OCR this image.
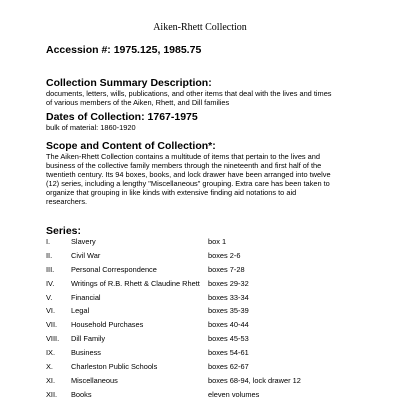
Aiken-Rhett Collection
Accession #: 1975.125, 1985.75
Collection Summary Description:
documents, letters, wills, publications, and other items that deal with the lives and times
of various members of the Aiken, Rhett, and Dill families
Dates of Collection: 1767-1975
bulk of material: 1860-1920
Scope and Content of Collection*:
The Aiken-Rhett Collection contains a multitude of items that pertain to the lives and
business of the collective family members through the nineteenth and first half of the
twentieth century. Its 94 boxes, books, and lock drawer have been arranged into twelve
(12) series, including a lengthy "Miscellaneous" grouping. Extra care has been taken to
organize that grouping in like kinds with extensive finding aid notations to aid
researchers.
Series:
I.	Slavery	box 1
II.	Civil War	boxes 2-6
III. Personal Correspondence	boxes 7-28
IV. Writings of R.B. Rhett & Claudine Rhett boxes 29-32
V.	Financial	boxes 33-34
VI. Legal	boxes 35-39
VII. Household Purchases	boxes 40-44
VIII. Dill Family	boxes 45-53
IX. Business	boxes 54-61
X. Charleston Public Schools	boxes 62-67
XI. Miscellaneous	boxes 68-94, lock drawer 12
XII. Books	eleven volumes
